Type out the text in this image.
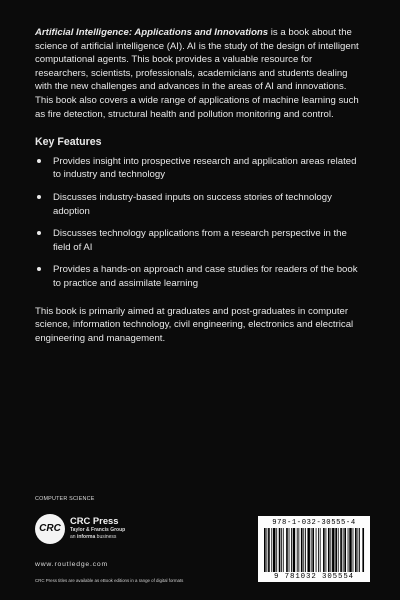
Artificial Intelligence: Applications and Innovations is a book about the science of artificial intelligence (AI). AI is the study of the design of intelligent computational agents. This book provides a valuable resource for researchers, scientists, professionals, academicians and students dealing with the new challenges and advances in the areas of AI and innovations. This book also covers a wide range of applications of machine learning such as fire detection, structural health and pollution monitoring and control.

Key Features
Provides insight into prospective research and application areas related to industry and technology
Discusses industry-based inputs on success stories of technology adoption
Discusses technology applications from a research perspective in the field of AI
Provides a hands-on approach and case studies for readers of the book to practice and assimilate learning

This book is primarily aimed at graduates and post-graduates in computer science, information technology, civil engineering, electronics and electrical engineering and management.

COMPUTER SCIENCE
CRC
CRC Press
Taylor & Francis Group
an informa business
www.routledge.com
CRC Press titles are available as eBook editions in a range of digital formats
978-1-032-30555-4
9 781032 305554
